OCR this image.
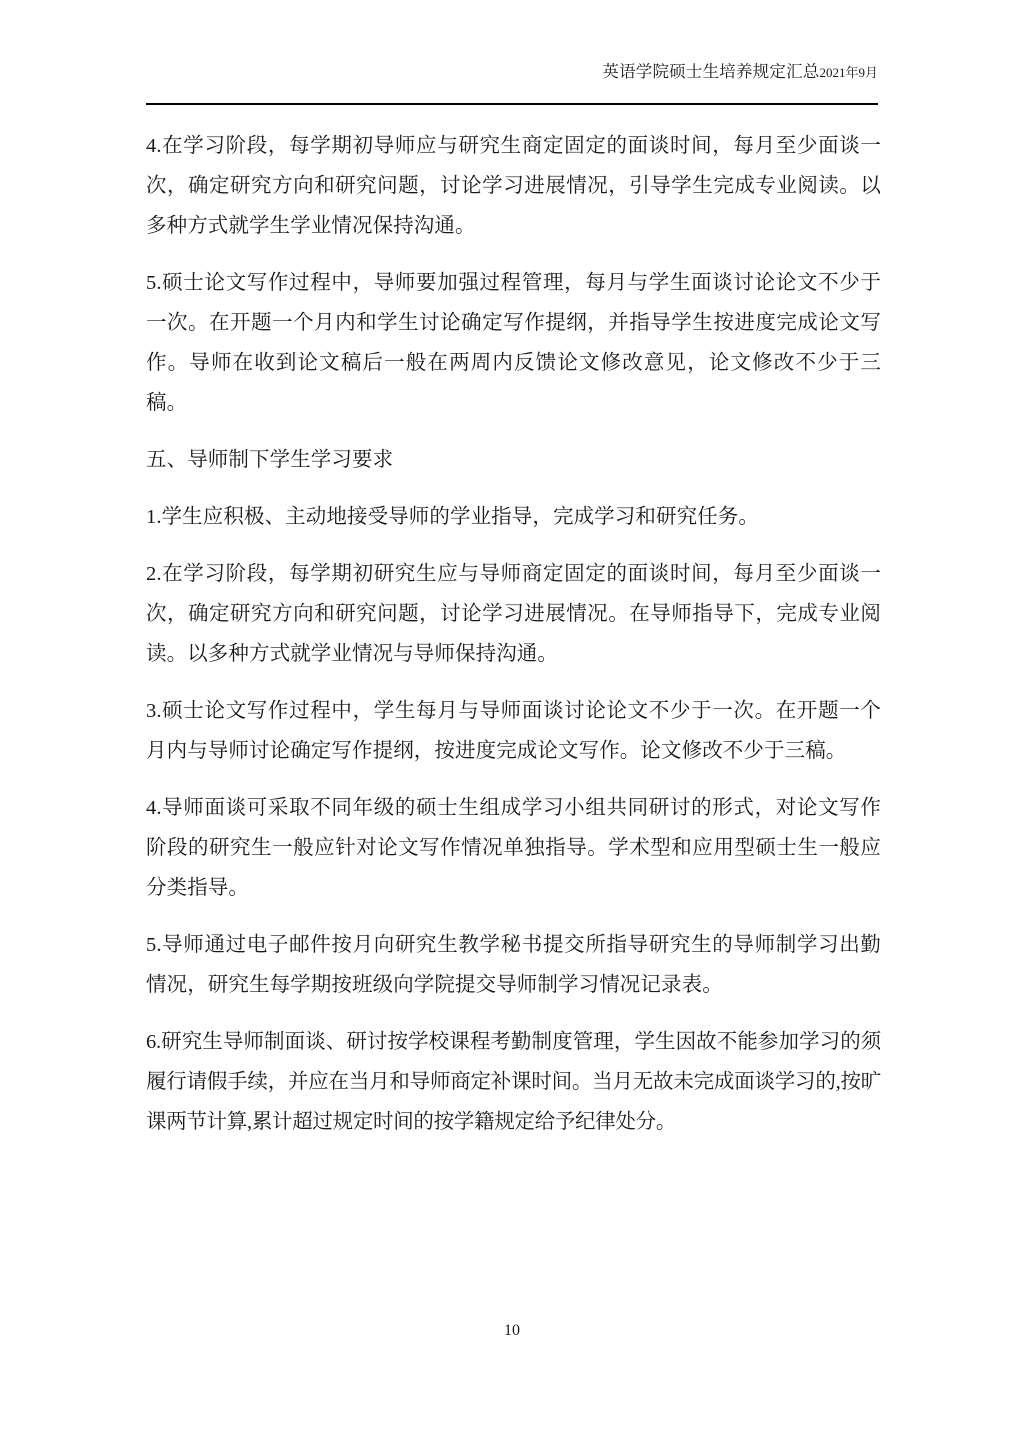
英语学院硕士生培养规定汇总2021年9月

4.在学习阶段，每学期初导师应与研究生商定固定的面谈时间，每月至少面谈一次，确定研究方向和研究问题，讨论学习进展情况，引导学生完成专业阅读。以多种方式就学生学业情况保持沟通。

5.硕士论文写作过程中，导师要加强过程管理，每月与学生面谈讨论论文不少于一次。在开题一个月内和学生讨论确定写作提纲，并指导学生按进度完成论文写作。导师在收到论文稿后一般在两周内反馈论文修改意见，论文修改不少于三稿。

五、导师制下学生学习要求

1.学生应积极、主动地接受导师的学业指导，完成学习和研究任务。

2.在学习阶段，每学期初研究生应与导师商定固定的面谈时间，每月至少面谈一次，确定研究方向和研究问题，讨论学习进展情况。在导师指导下，完成专业阅读。以多种方式就学业情况与导师保持沟通。

3.硕士论文写作过程中，学生每月与导师面谈讨论论文不少于一次。在开题一个月内与导师讨论确定写作提纲，按进度完成论文写作。论文修改不少于三稿。

4.导师面谈可采取不同年级的硕士生组成学习小组共同研讨的形式，对论文写作阶段的研究生一般应针对论文写作情况单独指导。学术型和应用型硕士生一般应分类指导。

5.导师通过电子邮件按月向研究生教学秘书提交所指导研究生的导师制学习出勤情况，研究生每学期按班级向学院提交导师制学习情况记录表。

6.研究生导师制面谈、研讨按学校课程考勤制度管理，学生因故不能参加学习的须履行请假手续，并应在当月和导师商定补课时间。当月无故未完成面谈学习的,按旷课两节计算,累计超过规定时间的按学籍规定给予纪律处分。

10
